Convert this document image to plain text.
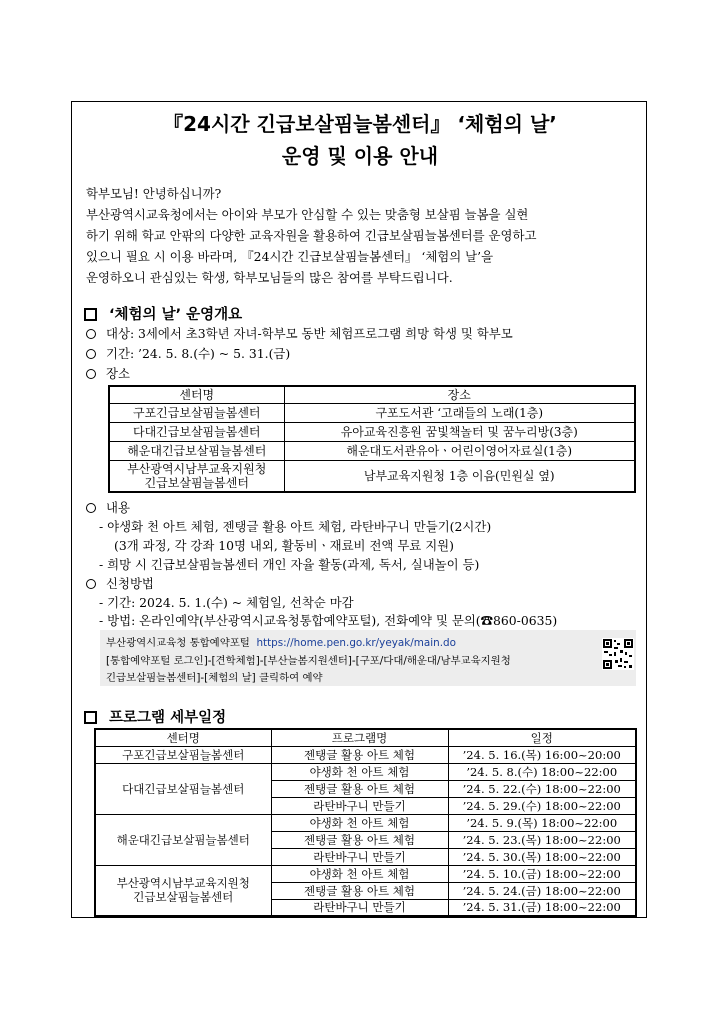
『24시간 긴급보살핌늘봄센터』 ‘체험의 날’
운영 및 이용 안내
학부모님! 안녕하십니까?
부산광역시교육청에서는 아이와 부모가 안심할 수 있는 맞춤형 보살핌 늘봄을 실현
하기 위해 학교 안팎의 다양한 교육자원을 활용하여 긴급보살핌늘봄센터를 운영하고
있으니 필요 시 이용 바라며, 『24시간 긴급보살핌늘봄센터』 ‘체험의 날’을
운영하오니 관심있는 학생, 학부모님들의 많은 참여를 부탁드립니다.
‘체험의 날’ 운영개요
대상: 3세에서 초3학년 자녀-학부모 동반 체험프로그램 희망 학생 및 학부모
기간: ’24. 5. 8.(수) ~ 5. 31.(금)
장소
센터명	장소
구포긴급보살핌늘봄센터	구포도서관 ‘고래들의 노래(1층)
다대긴급보살핌늘봄센터	유아교육진흥원 꿈빛책놀터 및 꿈누리방(3층)
해운대긴급보살핌늘봄센터	해운대도서관유아ㆍ어린이영어자료실(1층)
부산광역시남부교육지원청 긴급보살핌늘봄센터	남부교육지원청 1층 이음(민원실 옆)
내용
- 야생화 천 아트 체험, 젠탱글 활용 아트 체험, 라탄바구니 만들기(2시간)
(3개 과정, 각 강좌 10명 내외, 활동비ㆍ재료비 전액 무료 지원)
- 희망 시 긴급보살핌늘봄센터 개인 자율 활동(과제, 독서, 실내놀이 등)
신청방법
- 기간: 2024. 5. 1.(수) ~ 체험일, 선착순 마감
- 방법: 온라인예약(부산광역시교육청통합예약포털), 전화예약 및 문의(☎860-0635)
부산광역시교육청 통합예약포털 https://home.pen.go.kr/yeyak/main.do
[통합예약포털 로그인]-[견학체험]-[부산늘봄지원센터]-[구포/다대/해운대/남부교육지원청
긴급보살핌늘봄센터]-[체험의 날] 클릭하여 예약
프로그램 세부일정
센터명	프로그램명	일정
구포긴급보살핌늘봄센터	젠탱글 활용 아트 체험	’24. 5. 16.(목) 16:00~20:00
다대긴급보살핌늘봄센터	야생화 천 아트 체험	’24. 5. 8.(수) 18:00~22:00
	젠탱글 활용 아트 체험	’24. 5. 22.(수) 18:00~22:00
	라탄바구니 만들기	’24. 5. 29.(수) 18:00~22:00
해운대긴급보살핌늘봄센터	야생화 천 아트 체험	’24. 5. 9.(목) 18:00~22:00
	젠탱글 활용 아트 체험	’24. 5. 23.(목) 18:00~22:00
	라탄바구니 만들기	’24. 5. 30.(목) 18:00~22:00
부산광역시남부교육지원청 긴급보살핌늘봄센터	야생화 천 아트 체험	’24. 5. 10.(금) 18:00~22:00
	젠탱글 활용 아트 체험	’24. 5. 24.(금) 18:00~22:00
	라탄바구니 만들기	’24. 5. 31.(금) 18:00~22:00
